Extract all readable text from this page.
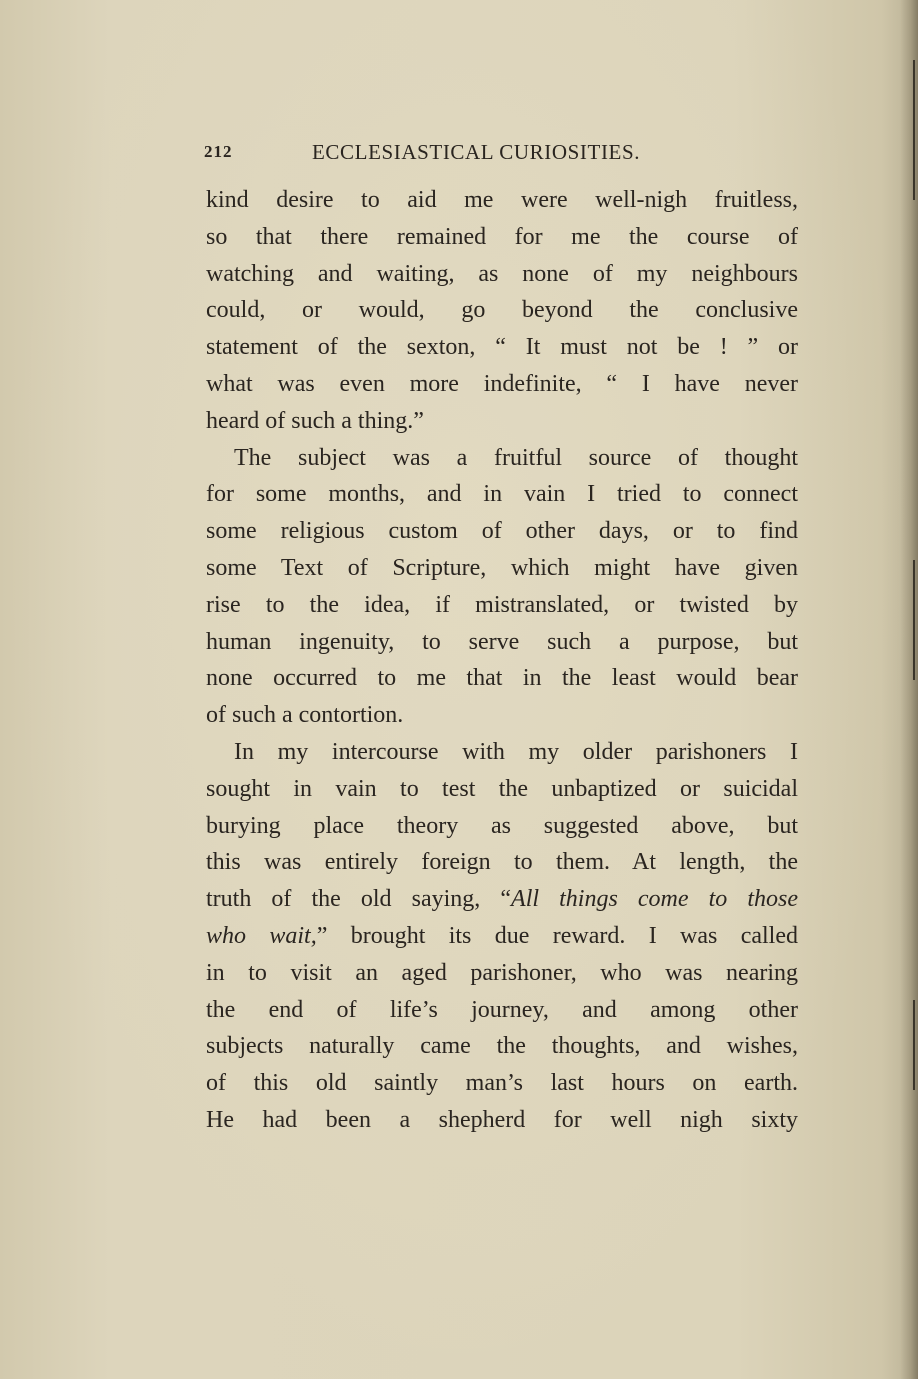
212	ECCLESIASTICAL CURIOSITIES.
kind desire to aid me were well-nigh fruitless,
so that there remained for me the course of
watching and waiting, as none of my neighbours
could, or would, go beyond the conclusive
statement of the sexton, “ It must not be ! ” or
what was even more indefinite, “ I have never
heard of such a thing.”
The subject was a fruitful source of thought
for some months, and in vain I tried to connect
some religious custom of other days, or to find
some Text of Scripture, which might have given
rise to the idea, if mistranslated, or twisted by
human ingenuity, to serve such a purpose, but
none occurred to me that in the least would bear
of such a contortion.
In my intercourse with my older parishoners I
sought in vain to test the unbaptized or suicidal
burying place theory as suggested above, but
this was entirely foreign to them. At length, the
truth of the old saying, “All things come to those
who wait,” brought its due reward. I was called
in to visit an aged parishoner, who was nearing
the end of life’s journey, and among other
subjects naturally came the thoughts, and wishes,
of this old saintly man’s last hours on earth.
He had been a shepherd for well nigh sixty
